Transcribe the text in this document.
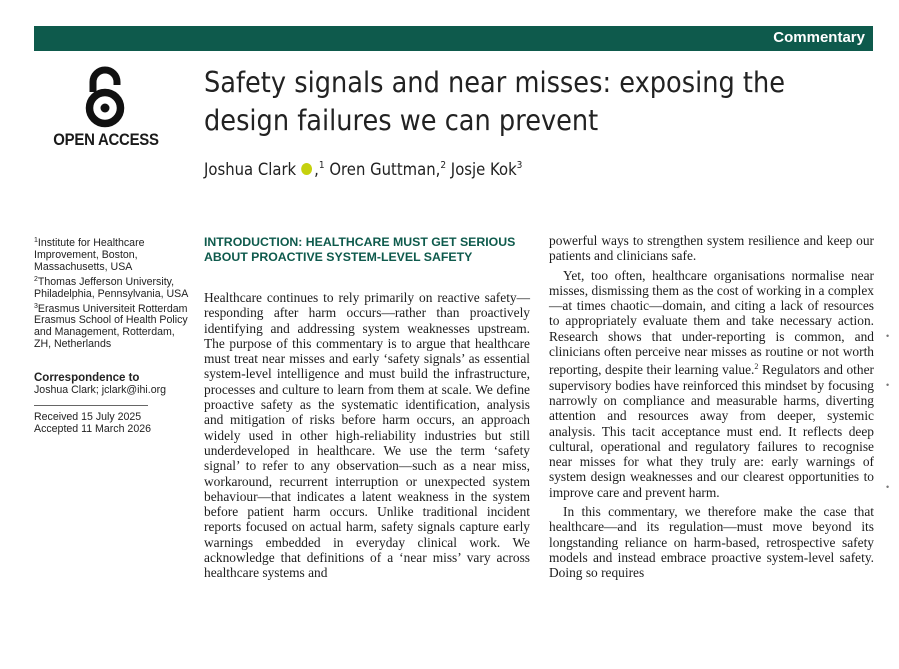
Commentary
OPEN ACCESS
Safety signals and near misses: exposing the design failures we can prevent
Joshua Clark ,$^1$ Oren Guttman,$^2$ Josje Kok$^3$

$^1$Institute for Healthcare

Improvement, Boston,

Massachusetts, USA

$^2$Thomas Jefferson University,

Philadelphia, Pennsylvania, USA

$^3$Erasmus Universiteit Rotterdam

Erasmus School of Health Policy

and Management, Rotterdam,

ZH, Netherlands

Correspondence to

Joshua Clark; jclark@ihi.org

Received 15 July 2025

Accepted 11 March 2026

INTRODUCTION: HEALTHCARE MUST GET SERIOUS ABOUT PROACTIVE SYSTEM-LEVEL SAFETY

Healthcare continues to rely primarily on reactive safety—responding after harm occurs—rather than proactively identifying and addressing system weaknesses upstream. The purpose of this commentary is to argue that healthcare must treat near misses and early ‘safety signals’ as essential system-level intelligence and must build the infrastructure, processes and culture to learn from them at scale. We define proactive safety as the systematic identification, analysis and mitigation of risks before harm occurs, an approach widely used in other high-reliability industries but still underdeveloped in healthcare. We use the term ‘safety signal’ to refer to any observation—such as a near miss, workaround, recurrent interruption or unexpected system behaviour—that indicates a latent weakness in the system before patient harm occurs. Unlike traditional incident reports focused on actual harm, safety signals capture early warnings embedded in everyday clinical work. We acknowledge that definitions of a ‘near miss’ vary across healthcare systems and

powerful ways to strengthen system resilience and keep our patients and clinicians safe.

Yet, too often, healthcare organisations normalise near misses, dismissing them as the cost of working in a complex—at times chaotic—domain, and citing a lack of resources to appropriately evaluate them and take necessary action. Research shows that under-reporting is common, and clinicians often perceive near misses as routine or not worth reporting, despite their learning value.$^2$ Regulators and other supervisory bodies have reinforced this mindset by focusing narrowly on compliance and measurable harms, diverting attention and resources away from deeper, systemic analysis. This tacit acceptance must end. It reflects deep cultural, operational and regulatory failures to recognise near misses for what they truly are: early warnings of system design weaknesses and our clearest opportunities to improve care and prevent harm.

In this commentary, we therefore make the case that healthcare—and its regulation—must move beyond its longstanding reliance on harm-based, retrospective safety models and instead embrace proactive system-level safety. Doing so requires

•
•
•
